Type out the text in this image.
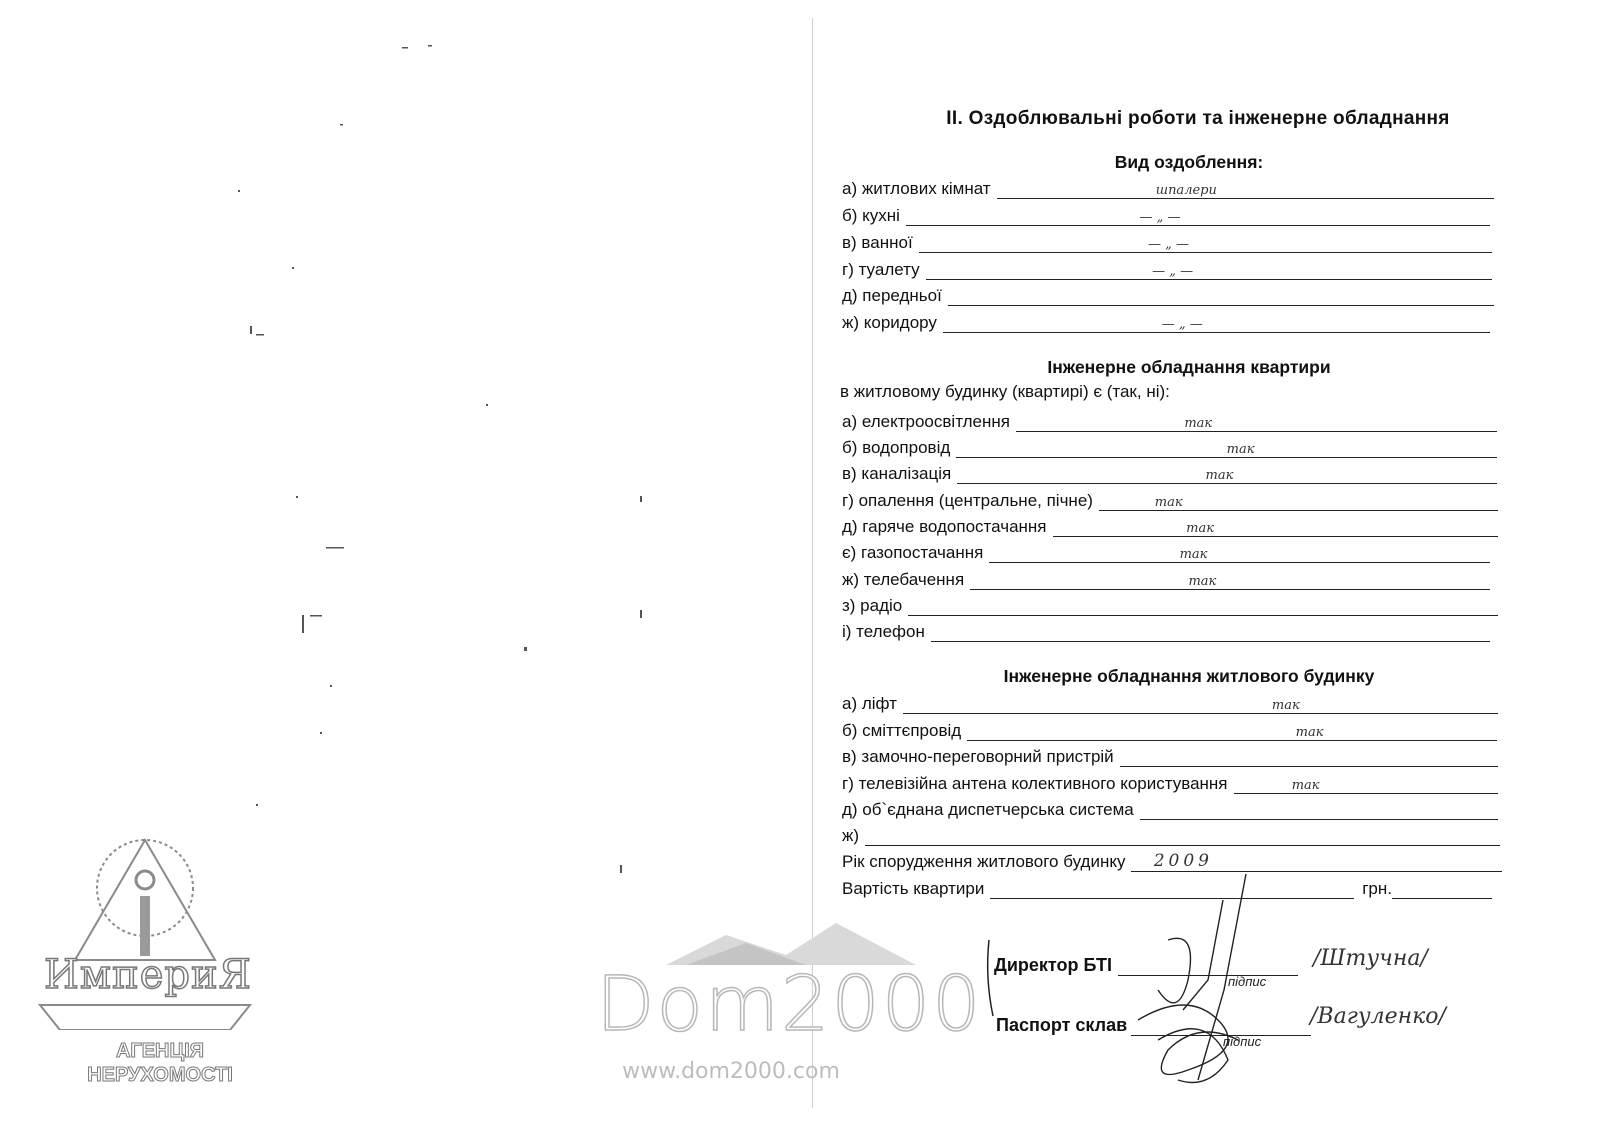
ИмпериЯ
АГЕНЦІЯ
НЕРУХОМОСТІ
Dom2000
www.dom2000.com
II. Оздоблювальні роботи та інженерне обладнання
Вид оздоблення:
а) житлових кімнат	шпалери
б) кухні	— „ —
в) ванної	— „ —
г) туалету	— „ —
д) передньої
ж) коридору	— „ —
Інженерне обладнання квартири
в житловому будинку (квартирі) є (так, ні):
а) електроосвітлення	так
б) водопровід	так
в) каналізація	так
г) опалення (центральне, пічне)	так
д) гаряче водопостачання	так
є) газопостачання	так
ж) телебачення	так
з) радіо
і) телефон
Інженерне обладнання житлового будинку
а) ліфт	так
б) сміттєпровід	так
в) замочно-переговорний пристрій
г) телевізійна антена колективного користування	так
д) об`єднана диспетчерська система
ж)
Рік спорудження житлового будинку	2009
Вартість квартири	грн.
Директор БТІ
підпис
/Штучна/
Паспорт склав
підпис
/Вагуленко/
